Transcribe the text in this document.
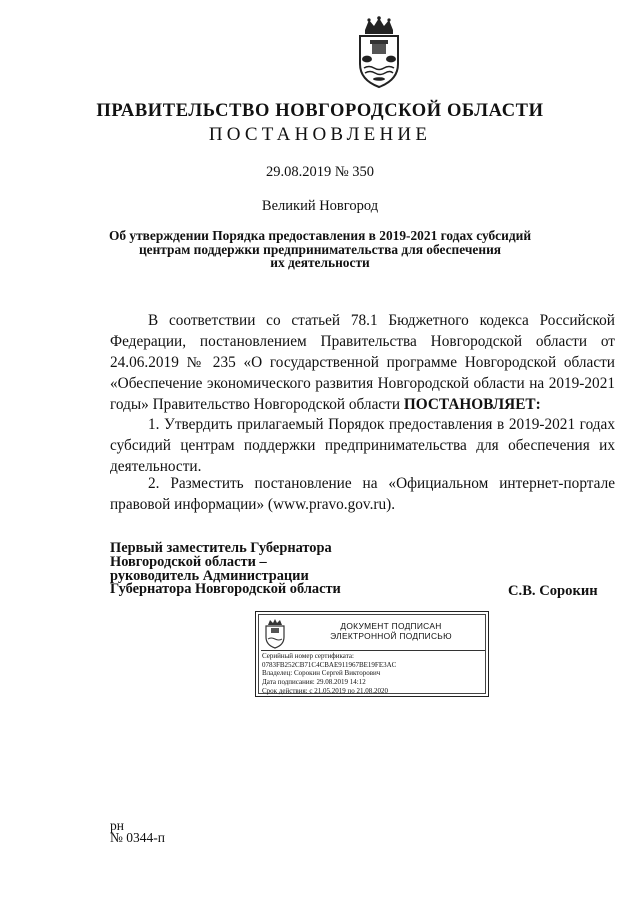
ПРАВИТЕЛЬСТВО НОВГОРОДСКОЙ ОБЛАСТИ
ПОСТАНОВЛЕНИЕ
29.08.2019 № 350
Великий Новгород
Об утверждении Порядка предоставления в 2019-2021 годах субсидий
центрам поддержки предпринимательства для обеспечения
их деятельности

В соответствии со статьей 78.1 Бюджетного кодекса Российской Федерации, постановлением Правительства Новгородской области от 24.06.2019 № 235 «О государственной программе Новгородской области «Обеспечение экономического развития Новгородской области на 2019-2021 годы» Правительство Новгородской области ПОСТАНОВЛЯЕТ:

1. Утвердить прилагаемый Порядок предоставления в 2019-2021 годах субсидий центрам поддержки предпринимательства для обеспечения их деятельности.

2. Разместить постановление на «Официальном интернет-портале правовой информации» (www.pravo.gov.ru).

Первый заместитель Губернатора
Новгородской области –
руководитель Администрации
Губернатора Новгородской области	С.В. Сорокин
ДОКУМЕНТ ПОДПИСАН
ЭЛЕКТРОННОЙ ПОДПИСЬЮ
Серийный номер сертификата:
0783FB252CB71C4CBAE911967BE19FE3AC
Владелец: Сорокин Сергей Викторович
Дата подписания: 29.08.2019 14:12
Срок действия: с 21.05.2019 по 21.08.2020
рн
№ 0344-п
